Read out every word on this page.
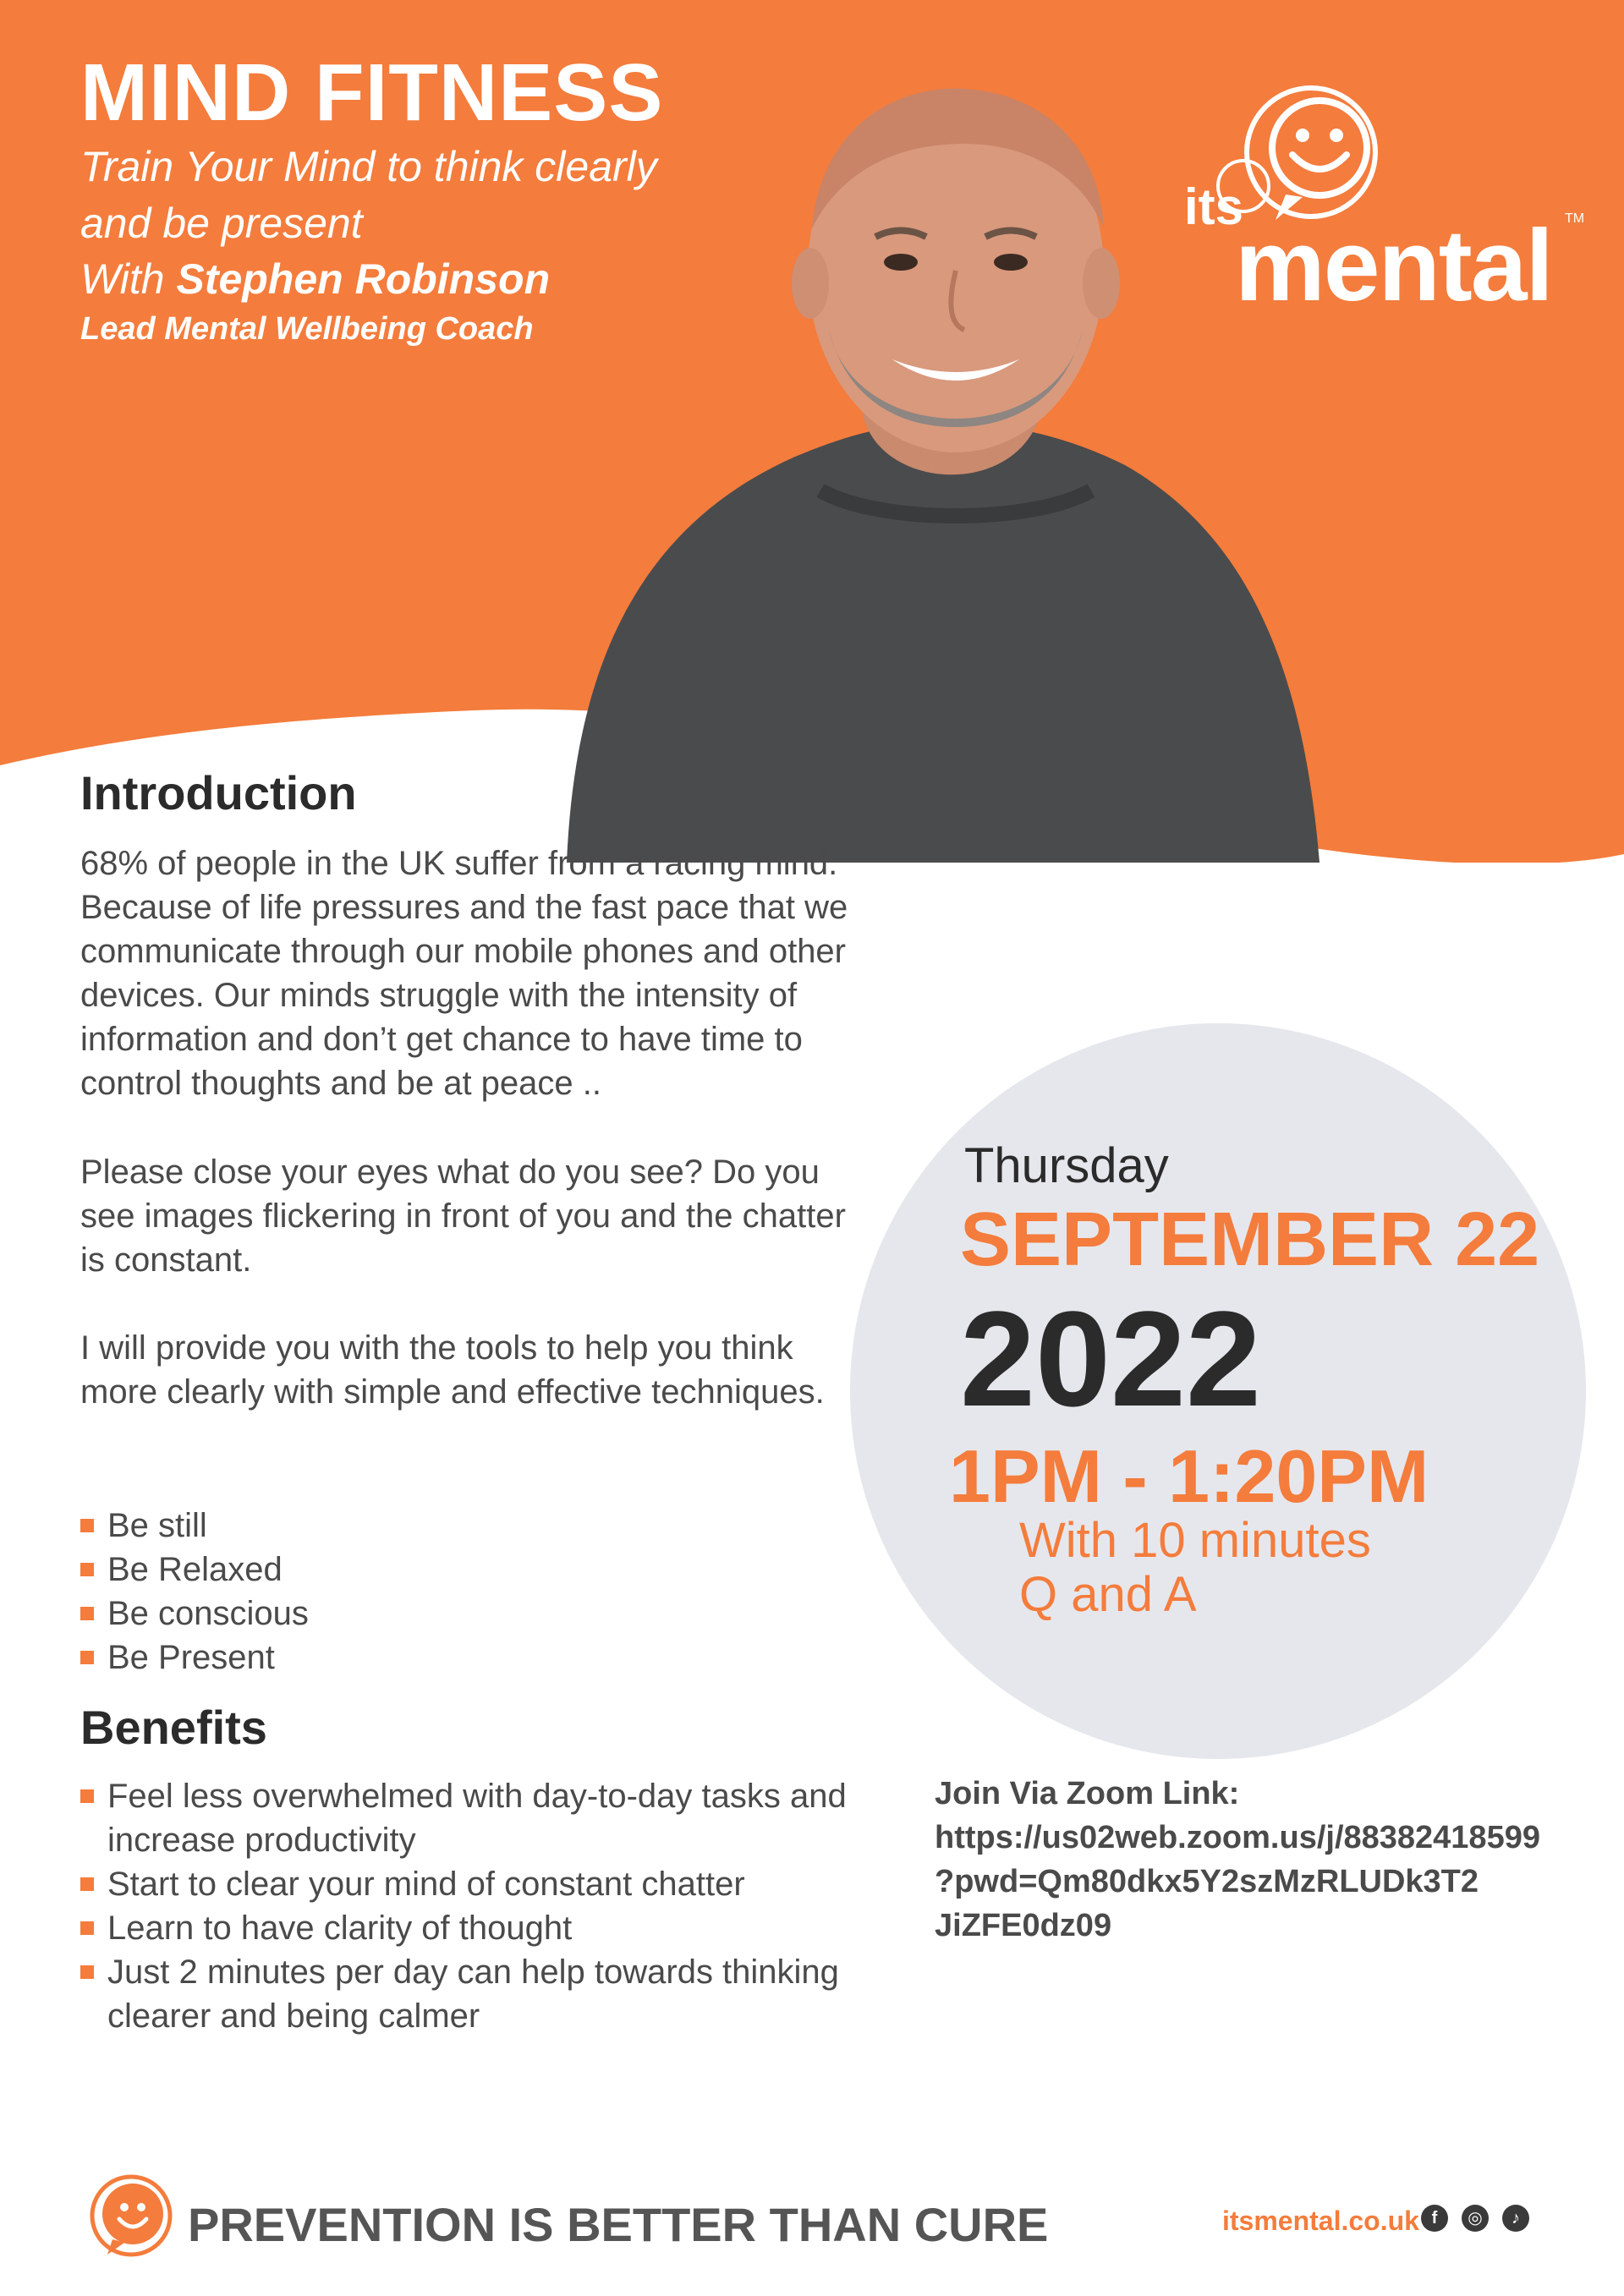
MIND FITNESS
Train Your Mind to think clearly
and be present
With Stephen Robinson
Lead Mental Wellbeing Coach
its
mental TM
Introduction
68% of people in the UK suffer from a racing mind. Because of life pressures and the fast pace that we communicate through our mobile phones and other devices. Our minds struggle with the intensity of information and don’t get chance to have time to control thoughts and be at peace ..
Please close your eyes what do you see? Do you see images flickering in front of you and the chatter is constant.
I will provide you with the tools to help you think more clearly with simple and effective techniques.
Be still
Be Relaxed
Be conscious
Be Present
Benefits
Feel less overwhelmed with day-to-day tasks and increase productivity
Start to clear your mind of constant chatter
Learn to have clarity of thought
Just 2 minutes per day can help towards thinking clearer and being calmer
Thursday
SEPTEMBER 22
2022
1PM - 1:20PM
With 10 minutes
Q and A
Join Via Zoom Link:
https://us02web.zoom.us/j/88382418599
?pwd=Qm80dkx5Y2szMzRLUDk3T2
JiZFE0dz09
PREVENTION IS BETTER THAN CURE	itsmental.co.uk f	◎	♪
